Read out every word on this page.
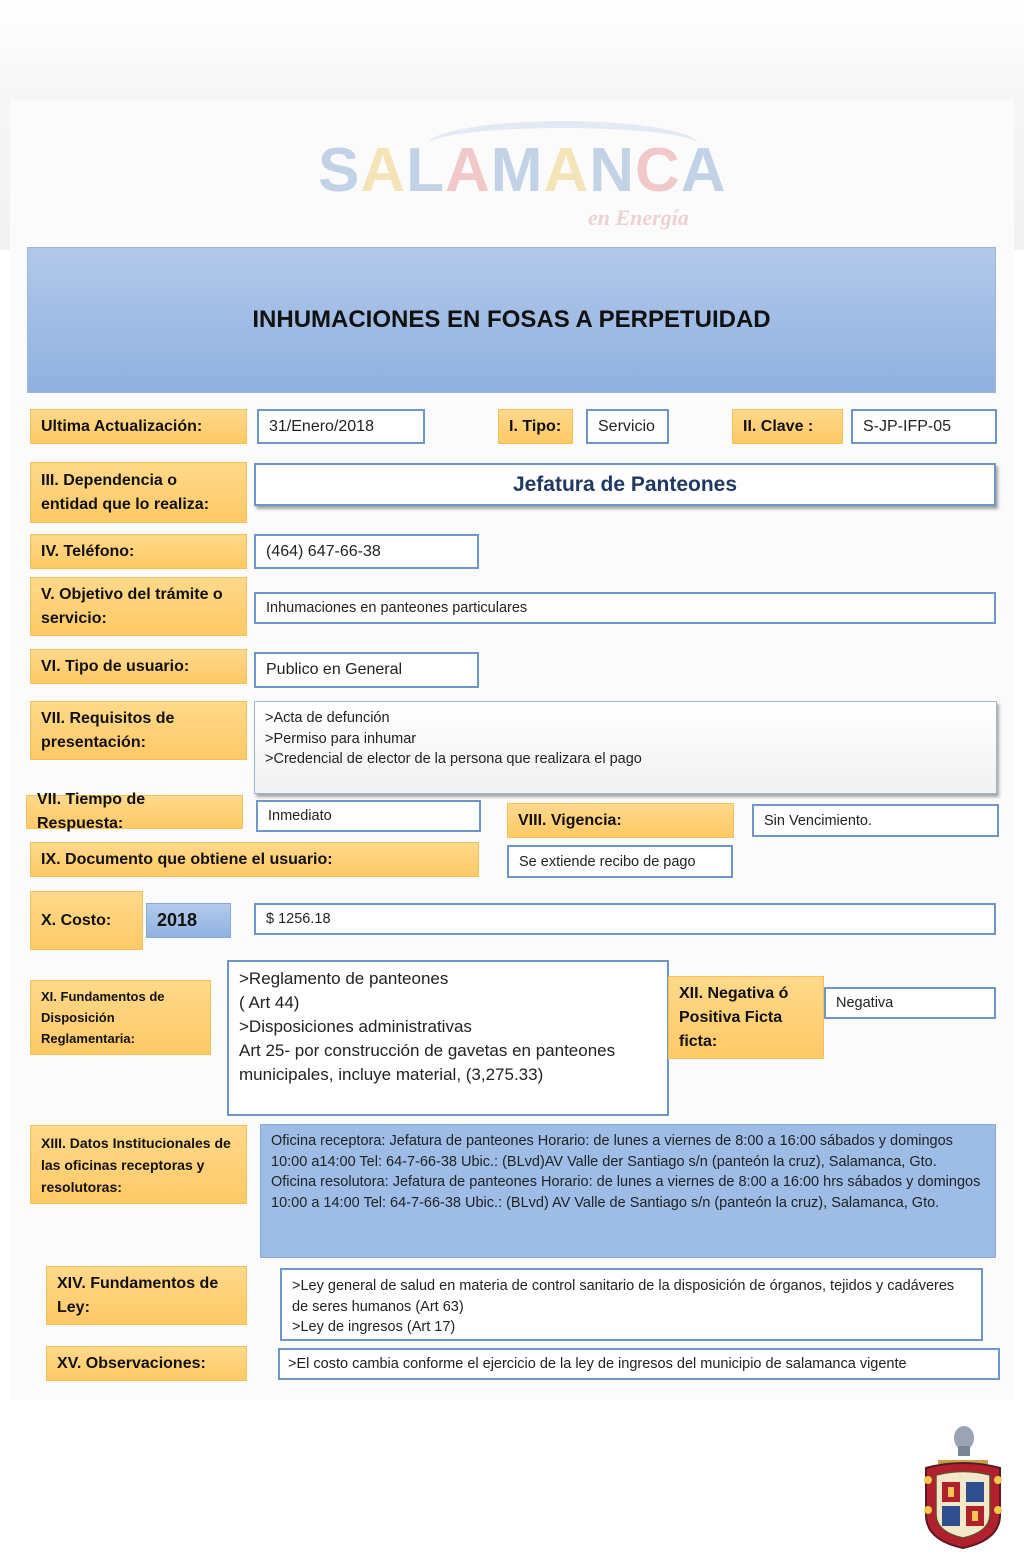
SALAMANCA
en Energía
INHUMACIONES EN FOSAS A PERPETUIDAD
Ultima Actualización:	31/Enero/2018	I. Tipo:	Servicio	II. Clave :	S-JP-IFP-05
III. Dependencia o entidad que lo realiza:
Jefatura de Panteones
IV. Teléfono:	(464) 647-66-38
V. Objetivo del trámite o servicio:
Inhumaciones en panteones particulares
VI. Tipo de usuario:	Publico en General
VII. Requisitos de presentación:
>Acta de defunción
>Permiso para inhumar
>Credencial de elector de la persona que realizara el pago
VII. Tiempo de Respuesta:	Inmediato	VIII. Vigencia:	Sin Vencimiento.
IX. Documento que obtiene el usuario:	Se extiende recibo de pago
X. Costo:	2018	$ 1256.18
XI. Fundamentos de Disposición Reglamentaria:
>Reglamento de panteones
( Art 44)
>Disposiciones administrativas
Art 25- por construcción de gavetas en panteones municipales, incluye material, (3,275.33)
XII. Negativa ó Positiva Ficta ficta:
Negativa
XIII. Datos Institucionales de las oficinas receptoras y resolutoras:
Oficina receptora: Jefatura de panteones Horario: de lunes a viernes de 8:00 a 16:00 sábados y domingos 10:00 a14:00 Tel: 64-7-66-38 Ubic.: (BLvd)AV Valle der Santiago s/n (panteón la cruz), Salamanca, Gto.
Oficina resolutora: Jefatura de panteones Horario: de lunes a viernes de 8:00 a 16:00 hrs sábados y domingos 10:00 a 14:00 Tel: 64-7-66-38 Ubic.: (BLvd) AV Valle de Santiago s/n (panteón la cruz), Salamanca, Gto.
XIV. Fundamentos de Ley:
>Ley general de salud en materia de control sanitario de la disposición de órganos, tejidos y cadáveres de seres humanos (Art 63)
>Ley de ingresos (Art 17)
XV. Observaciones:	>El costo cambia conforme el ejercicio de la ley de ingresos del municipio de salamanca vigente
